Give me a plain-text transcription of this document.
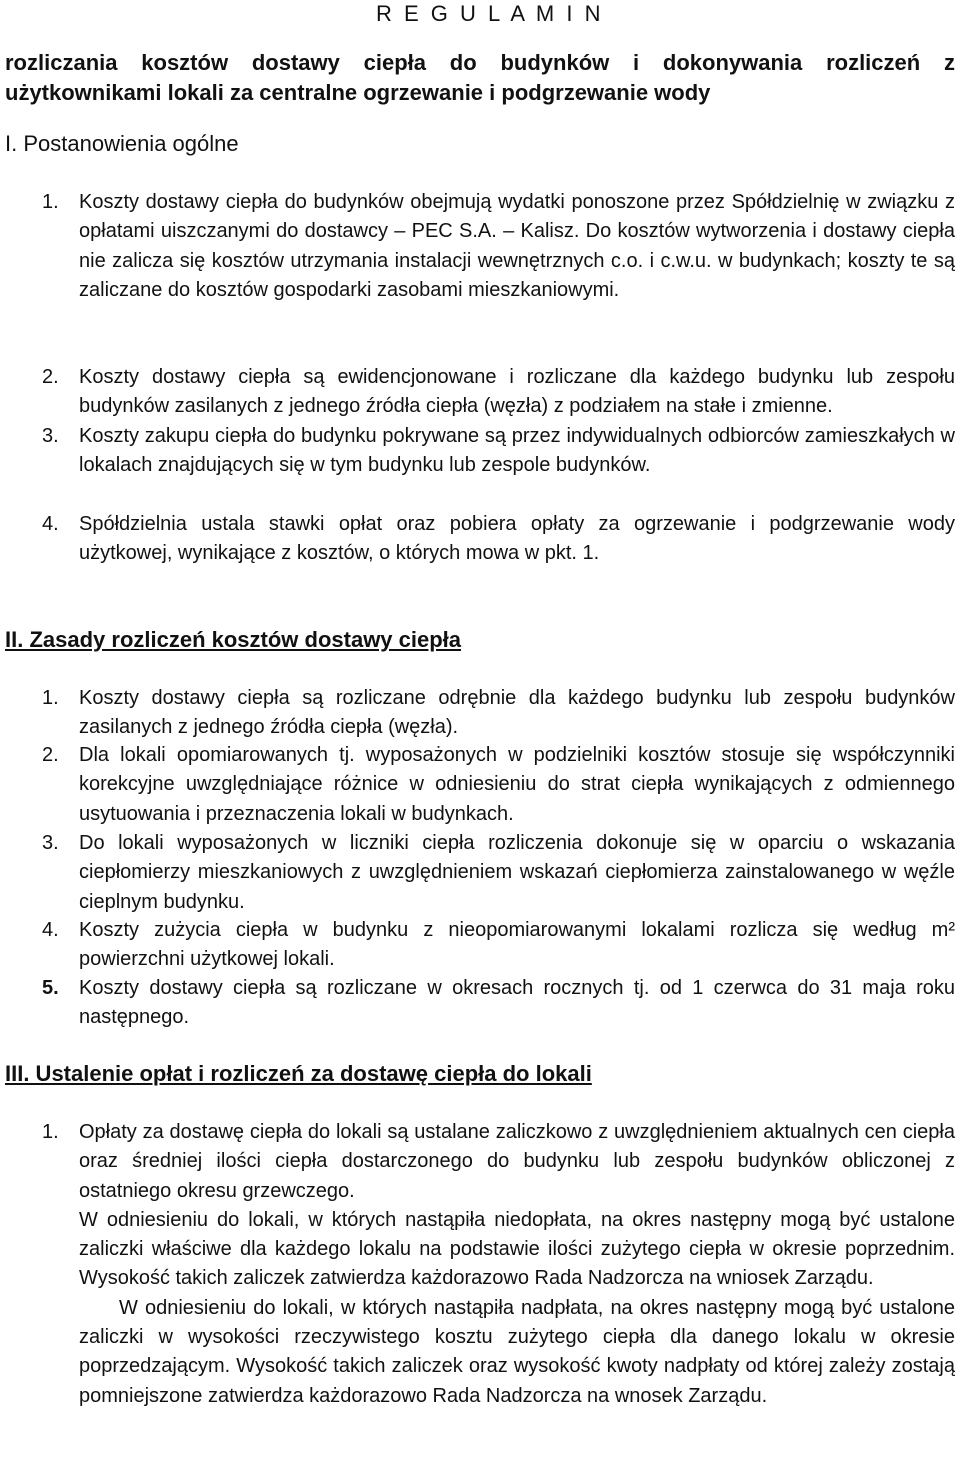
R E G U L A M I N
rozliczania kosztów dostawy ciepła do budynków i dokonywania rozliczeń z użytkownikami lokali za centralne ogrzewanie i podgrzewanie wody
I. Postanowienia ogólne
1. Koszty dostawy ciepła do budynków obejmują wydatki ponoszone przez Spółdzielnię w związku z opłatami uiszczanymi do dostawcy – PEC S.A. – Kalisz. Do kosztów wytworzenia i dostawy ciepła nie zalicza się kosztów utrzymania instalacji wewnętrznych c.o. i c.w.u. w budynkach; koszty te są zaliczane do kosztów gospodarki zasobami mieszkaniowymi.
2. Koszty dostawy ciepła są ewidencjonowane i rozliczane dla każdego budynku lub zespołu budynków zasilanych z jednego źródła ciepła (węzła) z podziałem na stałe i zmienne.
3. Koszty zakupu ciepła do budynku pokrywane są przez indywidualnych odbiorców zamieszkałych w lokalach znajdujących się w tym budynku lub zespole budynków.
4. Spółdzielnia ustala stawki opłat oraz pobiera opłaty za ogrzewanie i podgrzewanie wody użytkowej, wynikające z kosztów, o których mowa w pkt. 1.
II. Zasady rozliczeń kosztów dostawy ciepła
1. Koszty dostawy ciepła są rozliczane odrębnie dla każdego budynku lub zespołu budynków zasilanych z jednego źródła ciepła (węzła).
2. Dla lokali opomiarowanych tj. wyposażonych w podzielniki kosztów stosuje się współczynniki korekcyjne uwzględniające różnice w odniesieniu do strat ciepła wynikających z odmiennego usytuowania i przeznaczenia lokali w budynkach.
3. Do lokali wyposażonych w liczniki ciepła rozliczenia dokonuje się w oparciu o wskazania ciepłomierzy mieszkaniowych z uwzględnieniem wskazań ciepłomierza zainstalowanego w węźle cieplnym budynku.
4. Koszty zużycia ciepła w budynku z nieopomiarowanymi lokalami rozlicza się według m² powierzchni użytkowej lokali.
5. Koszty dostawy ciepła są rozliczane w okresach rocznych tj. od 1 czerwca do 31 maja roku następnego.
III. Ustalenie opłat i rozliczeń za dostawę ciepła do lokali
1. Opłaty za dostawę ciepła do lokali są ustalane zaliczkowo z uwzględnieniem aktualnych cen ciepła oraz średniej ilości ciepła dostarczonego do budynku lub zespołu budynków obliczonej z ostatniego okresu grzewczego.
W odniesieniu do lokali, w których nastąpiła niedopłata, na okres następny mogą być ustalone zaliczki właściwe dla każdego lokalu na podstawie ilości zużytego ciepła w okresie poprzednim. Wysokość takich zaliczek zatwierdza każdorazowo Rada Nadzorcza na wniosek Zarządu.
W odniesieniu do lokali, w których nastąpiła nadpłata, na okres następny mogą być ustalone zaliczki w wysokości rzeczywistego kosztu zużytego ciepła dla danego lokalu w okresie poprzedzającym. Wysokość takich zaliczek oraz wysokość kwoty nadpłaty od której zależy zostają pomniejszone zatwierdza każdorazowo Rada Nadzorcza na wnosek Zarządu.
